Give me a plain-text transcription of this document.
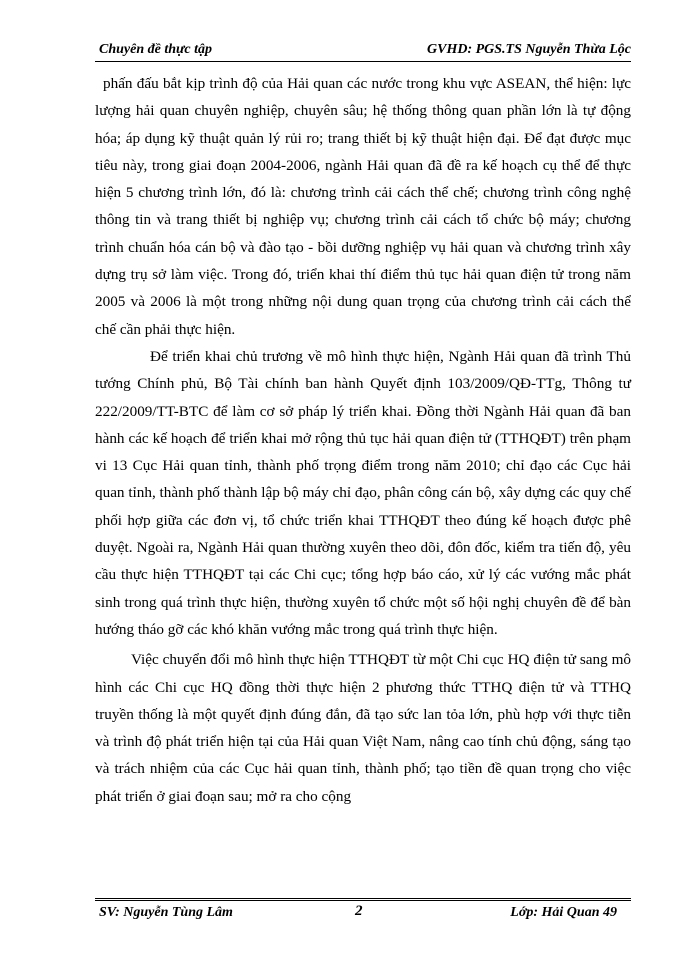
Chuyên đề thực tập	GVHD: PGS.TS Nguyễn Thừa Lộc

phấn đấu bắt kịp trình độ của Hải quan các nước trong khu vực ASEAN, thể hiện: lực lượng hải quan chuyên nghiệp, chuyên sâu; hệ thống thông quan phần lớn là tự động hóa; áp dụng kỹ thuật quản lý rủi ro; trang thiết bị kỹ thuật hiện đại. Để đạt được mục tiêu này, trong giai đoạn 2004-2006, ngành Hải quan đã đề ra kế hoạch cụ thể để thực hiện 5 chương trình lớn, đó là: chương trình cải cách thể chế; chương trình công nghệ thông tin và trang thiết bị nghiệp vụ; chương trình cải cách tổ chức bộ máy; chương trình chuẩn hóa cán bộ và đào tạo - bồi dưỡng nghiệp vụ hải quan và chương trình xây dựng trụ sở làm việc. Trong đó, triển khai thí điểm thủ tục hải quan điện tử trong năm 2005 và 2006 là một trong những nội dung quan trọng của chương trình cải cách thể chế cần phải thực hiện.

Để triển khai chủ trương về mô hình thực hiện, Ngành Hải quan đã trình Thủ tướng Chính phủ, Bộ Tài chính ban hành Quyết định 103/2009/QĐ-TTg, Thông tư 222/2009/TT-BTC để làm cơ sở pháp lý triển khai. Đồng thời Ngành Hải quan đã ban hành các kế hoạch để triển khai mở rộng thủ tục hải quan điện tử (TTHQĐT) trên phạm vi 13 Cục Hải quan tỉnh, thành phố trọng điểm trong năm 2010; chỉ đạo các Cục hải quan tỉnh, thành phố thành lập bộ máy chỉ đạo, phân công cán bộ, xây dựng các quy chế phối hợp giữa các đơn vị, tổ chức triển khai TTHQĐT theo đúng kế hoạch được phê duyệt. Ngoài ra, Ngành Hải quan thường xuyên theo dõi, đôn đốc, kiểm tra tiến độ, yêu cầu thực hiện TTHQĐT tại các Chi cục; tổng hợp báo cáo, xử lý các vướng mắc phát sinh trong quá trình thực hiện, thường xuyên tổ chức một số hội nghị chuyên đề để bàn hướng tháo gỡ các khó khăn vướng mắc trong quá trình thực hiện.

Việc chuyển đổi mô hình thực hiện TTHQĐT từ một Chi cục HQ điện tử sang mô hình các Chi cục HQ đồng thời thực hiện 2 phương thức TTHQ điện tử và TTHQ truyền thống là một quyết định đúng đắn, đã tạo sức lan tỏa lớn, phù hợp với thực tiễn và trình độ phát triển hiện tại của Hải quan Việt Nam, nâng cao tính chủ động, sáng tạo và trách nhiệm của các Cục hải quan tỉnh, thành phố; tạo tiền đề quan trọng cho việc phát triển ở giai đoạn sau; mở ra cho cộng

SV: Nguyễn Tùng Lâm	2	Lớp: Hải Quan 49
